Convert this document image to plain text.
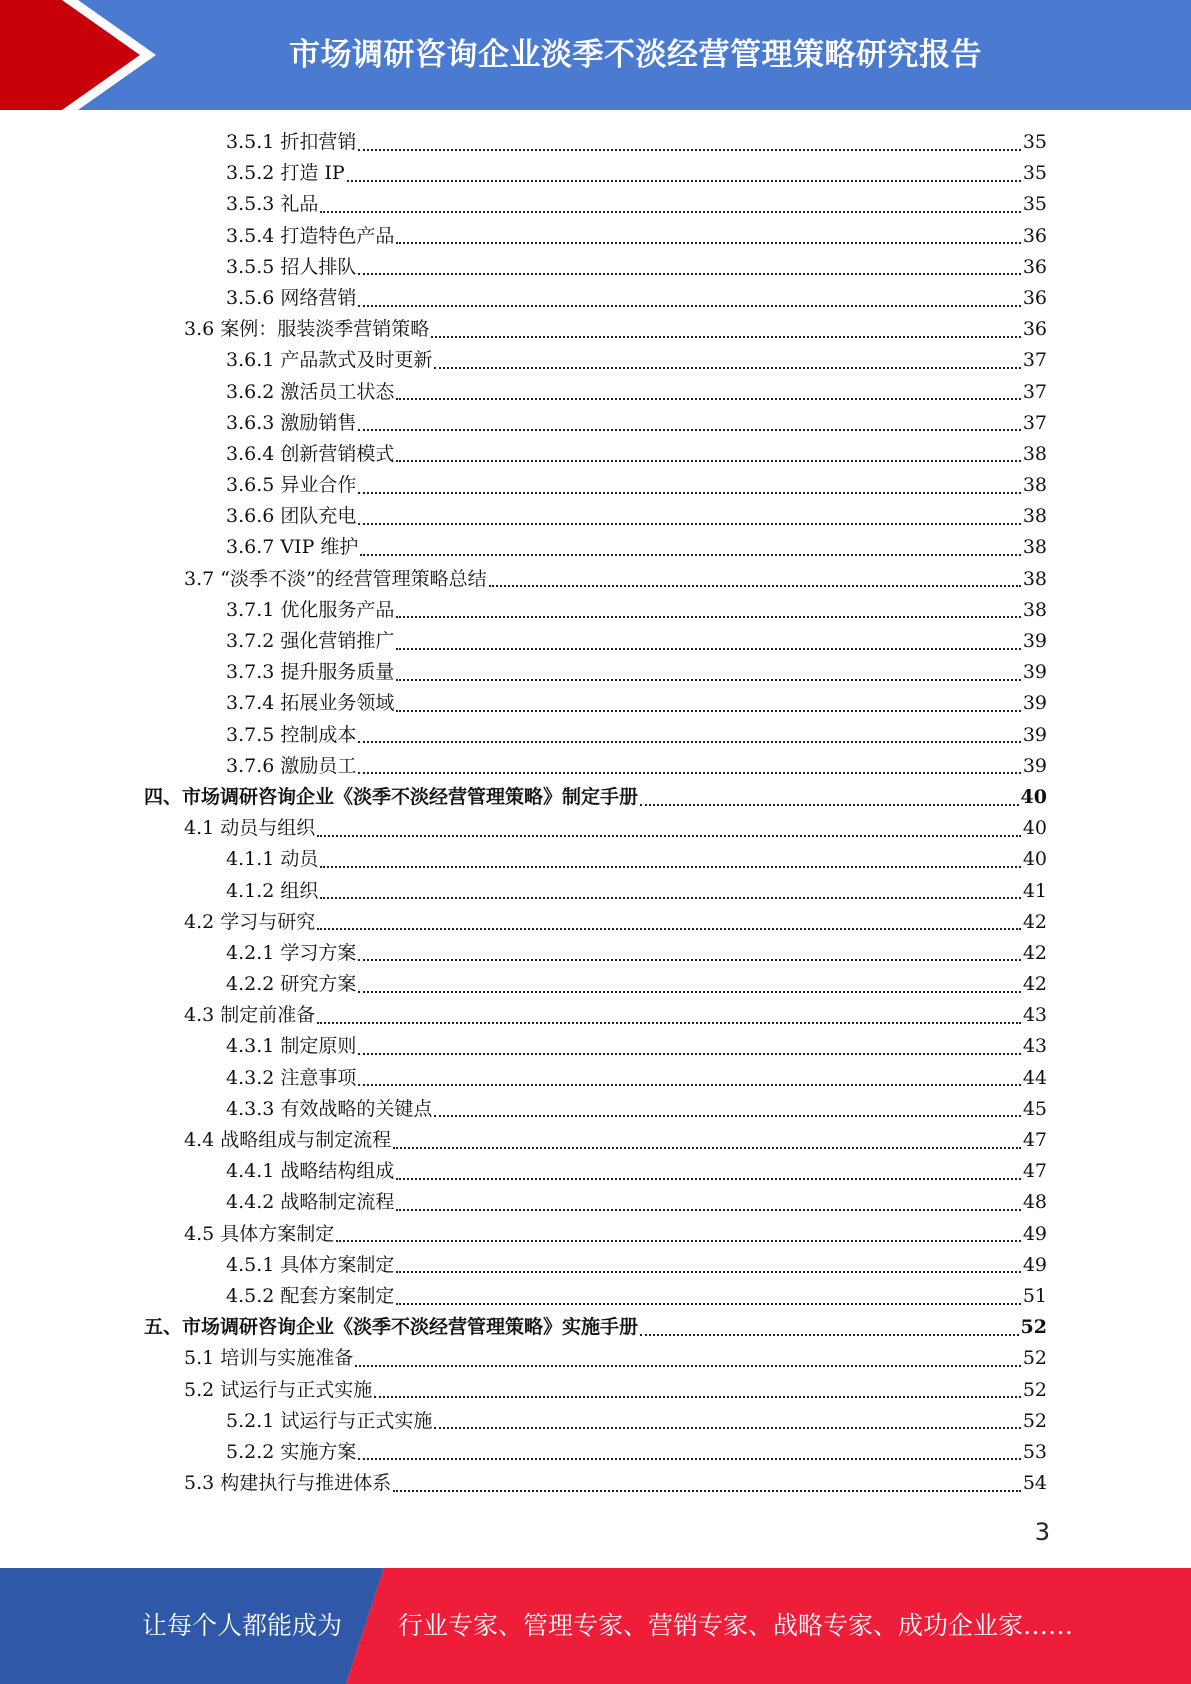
市场调研咨询企业淡季不淡经营管理策略研究报告
3.5.1 折扣营销	35
3.5.2 打造 IP	35
3.5.3 礼品	35
3.5.4 打造特色产品	36
3.5.5 招人排队	36
3.5.6 网络营销	36
3.6 案例：服装淡季营销策略	36
3.6.1 产品款式及时更新	37
3.6.2 激活员工状态	37
3.6.3 激励销售	37
3.6.4 创新营销模式	38
3.6.5 异业合作	38
3.6.6 团队充电	38
3.6.7 VIP 维护	38
3.7 “淡季不淡”的经营管理策略总结	38
3.7.1 优化服务产品	38
3.7.2 强化营销推广	39
3.7.3 提升服务质量	39
3.7.4 拓展业务领域	39
3.7.5 控制成本	39
3.7.6 激励员工	39
四、市场调研咨询企业《淡季不淡经营管理策略》制定手册	40
4.1 动员与组织	40
4.1.1 动员	40
4.1.2 组织	41
4.2 学习与研究	42
4.2.1 学习方案	42
4.2.2 研究方案	42
4.3 制定前准备	43
4.3.1 制定原则	43
4.3.2 注意事项	44
4.3.3 有效战略的关键点	45
4.4 战略组成与制定流程	47
4.4.1 战略结构组成	47
4.4.2 战略制定流程	48
4.5 具体方案制定	49
4.5.1 具体方案制定	49
4.5.2 配套方案制定	51
五、市场调研咨询企业《淡季不淡经营管理策略》实施手册	52
5.1 培训与实施准备	52
5.2 试运行与正式实施	52
5.2.1 试运行与正式实施	52
5.2.2 实施方案	53
5.3 构建执行与推进体系	54
3
让每个人都能成为 行业专家、管理专家、营销专家、战略专家、成功企业家……
